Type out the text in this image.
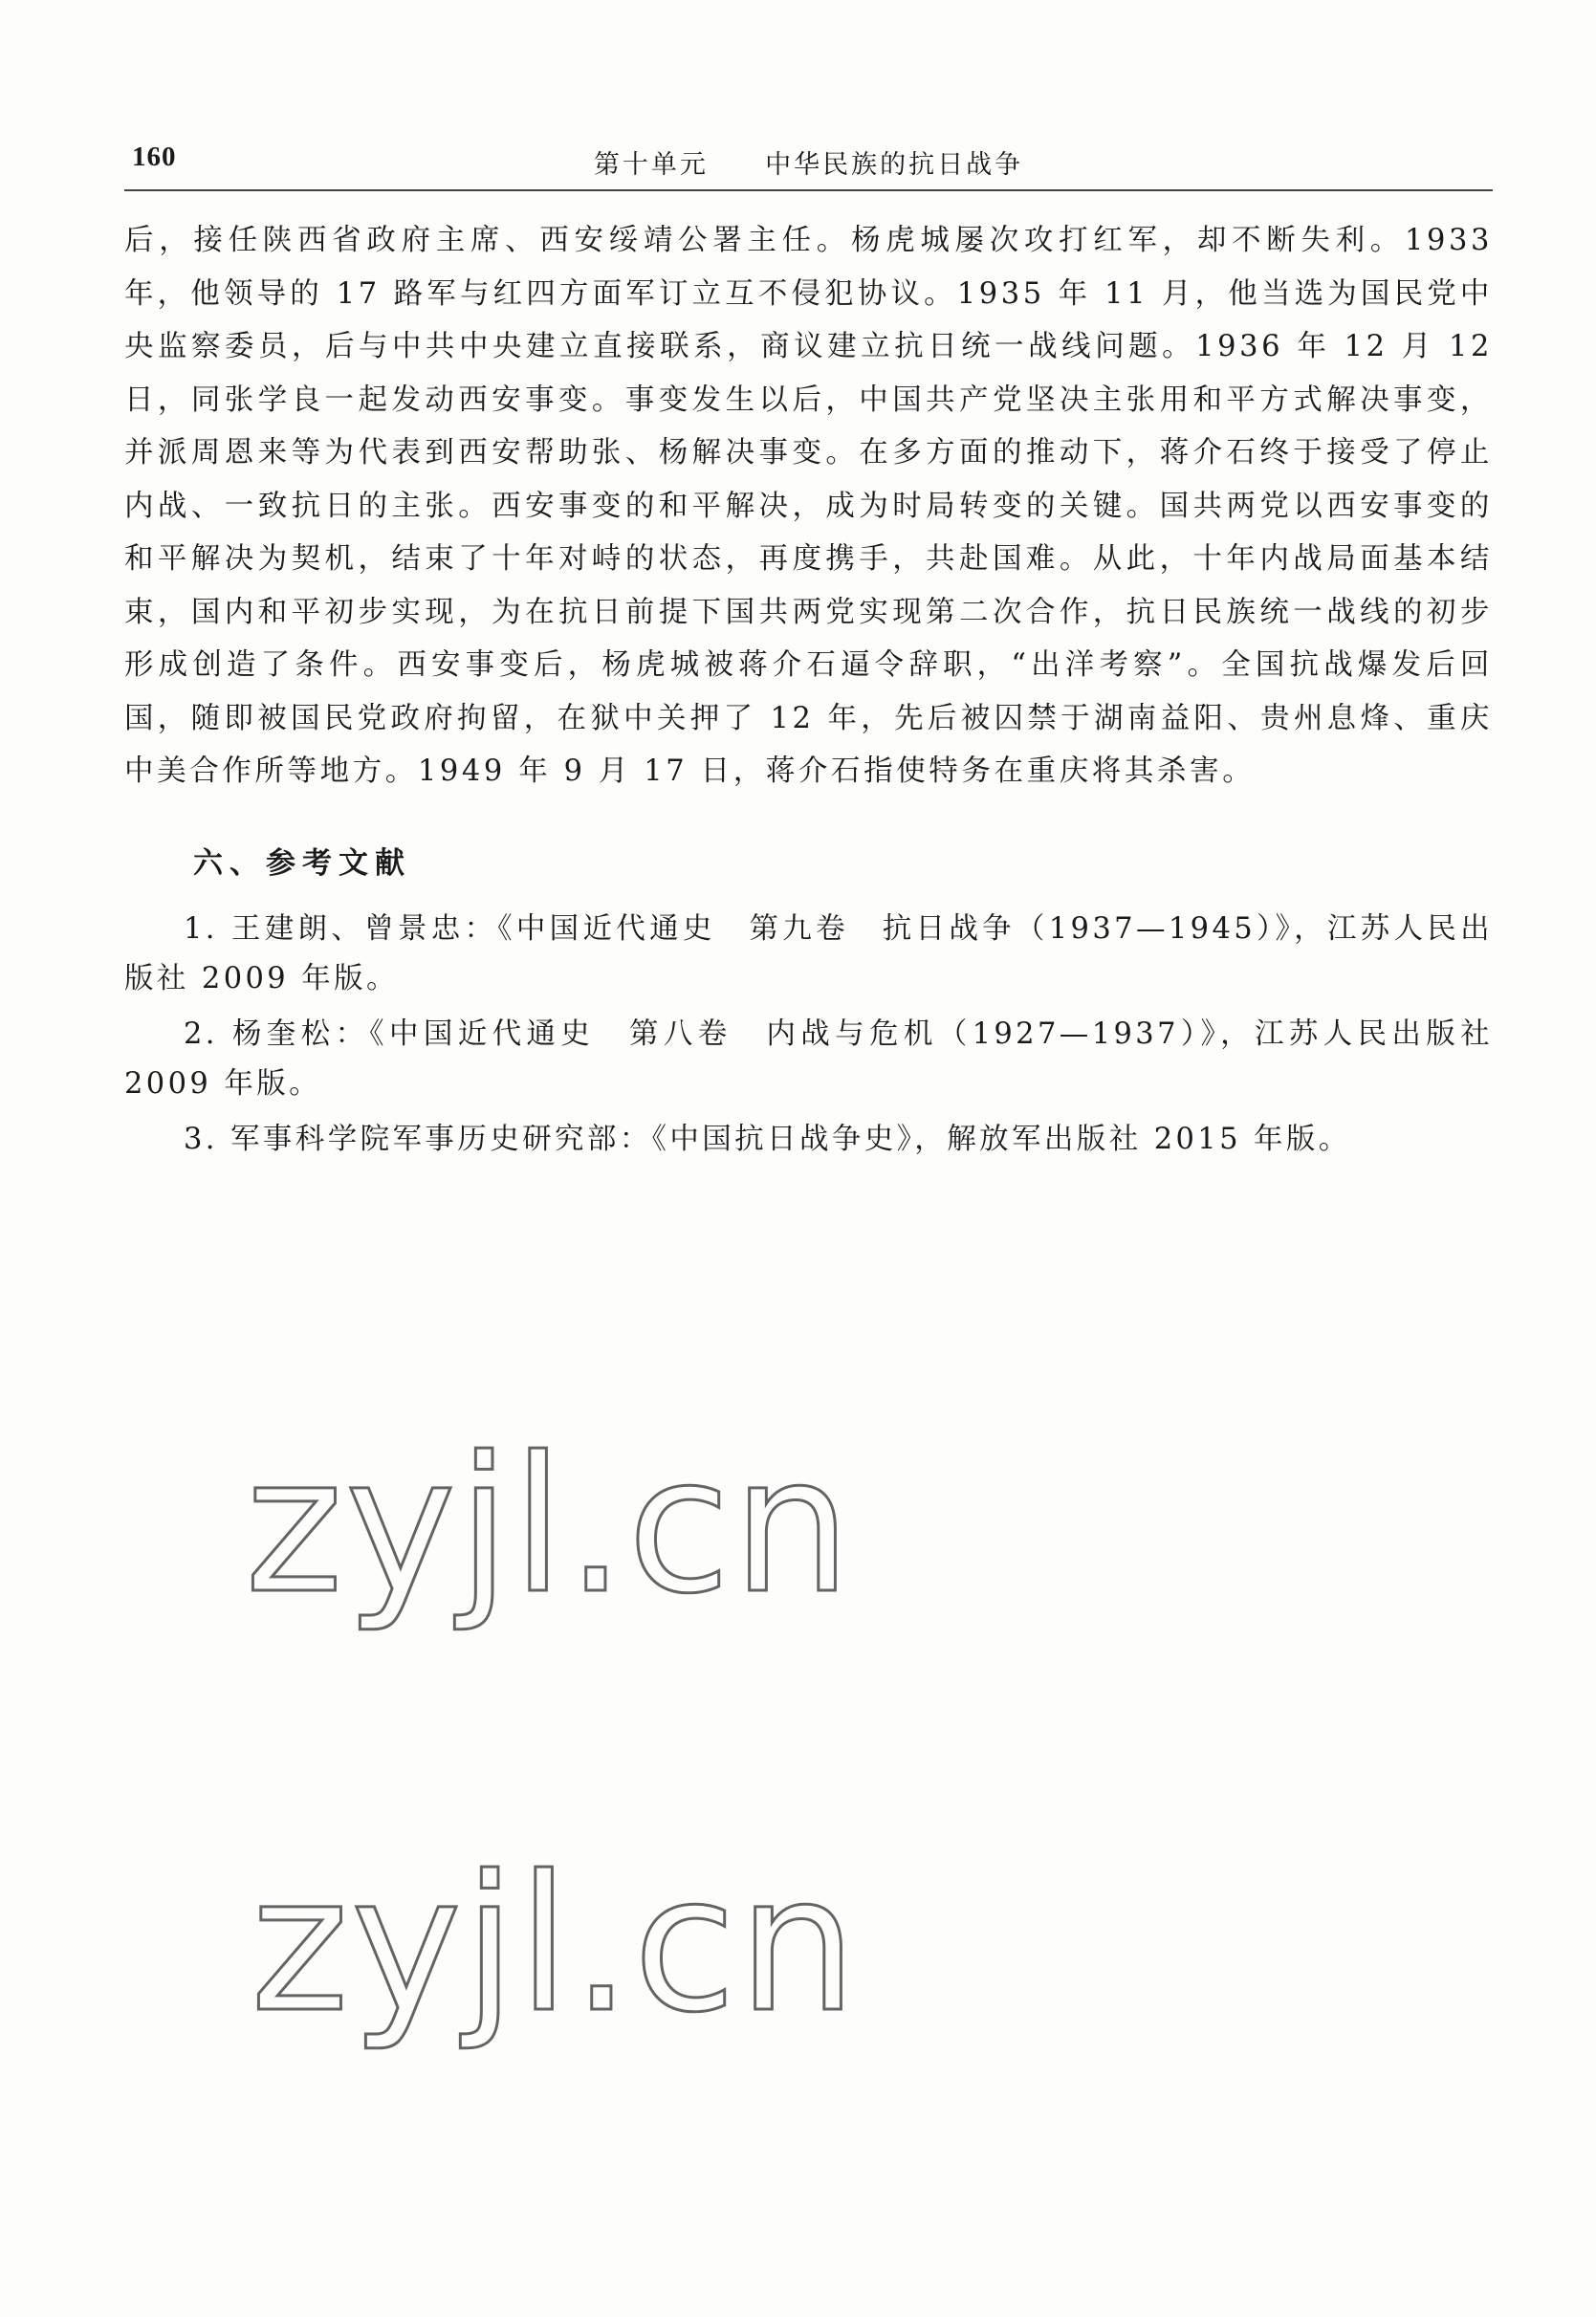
160	第十单元  中华民族的抗日战争

后，接任陕西省政府主席、西安绥靖公署主任。杨虎城屡次攻打红军，却不断失利。1933 年，他领导的 17 路军与红四方面军订立互不侵犯协议。1935 年 11 月，他当选为国民党中央监察委员，后与中共中央建立直接联系，商议建立抗日统一战线问题。1936 年 12 月 12 日，同张学良一起发动西安事变。事变发生以后，中国共产党坚决主张用和平方式解决事变，并派周恩来等为代表到西安帮助张、杨解决事变。在多方面的推动下，蒋介石终于接受了停止内战、一致抗日的主张。西安事变的和平解决，成为时局转变的关键。国共两党以西安事变的和平解决为契机，结束了十年对峙的状态，再度携手，共赴国难。从此，十年内战局面基本结束，国内和平初步实现，为在抗日前提下国共两党实现第二次合作，抗日民族统一战线的初步形成创造了条件。西安事变后，杨虎城被蒋介石逼令辞职，“出洋考察”。全国抗战爆发后回国，随即被国民党政府拘留，在狱中关押了 12 年，先后被囚禁于湖南益阳、贵州息烽、重庆中美合作所等地方。1949 年 9 月 17 日，蒋介石指使特务在重庆将其杀害。

六、参考文献
1. 王建朗、曾景忠：《中国近代通史　第九卷　抗日战争（1937—1945）》，江苏人民出版社 2009 年版。
2. 杨奎松：《中国近代通史　第八卷　内战与危机（1927—1937）》，江苏人民出版社 2009 年版。
3. 军事科学院军事历史研究部：《中国抗日战争史》，解放军出版社 2015 年版。
zyjl.cn
zyjl.cn
